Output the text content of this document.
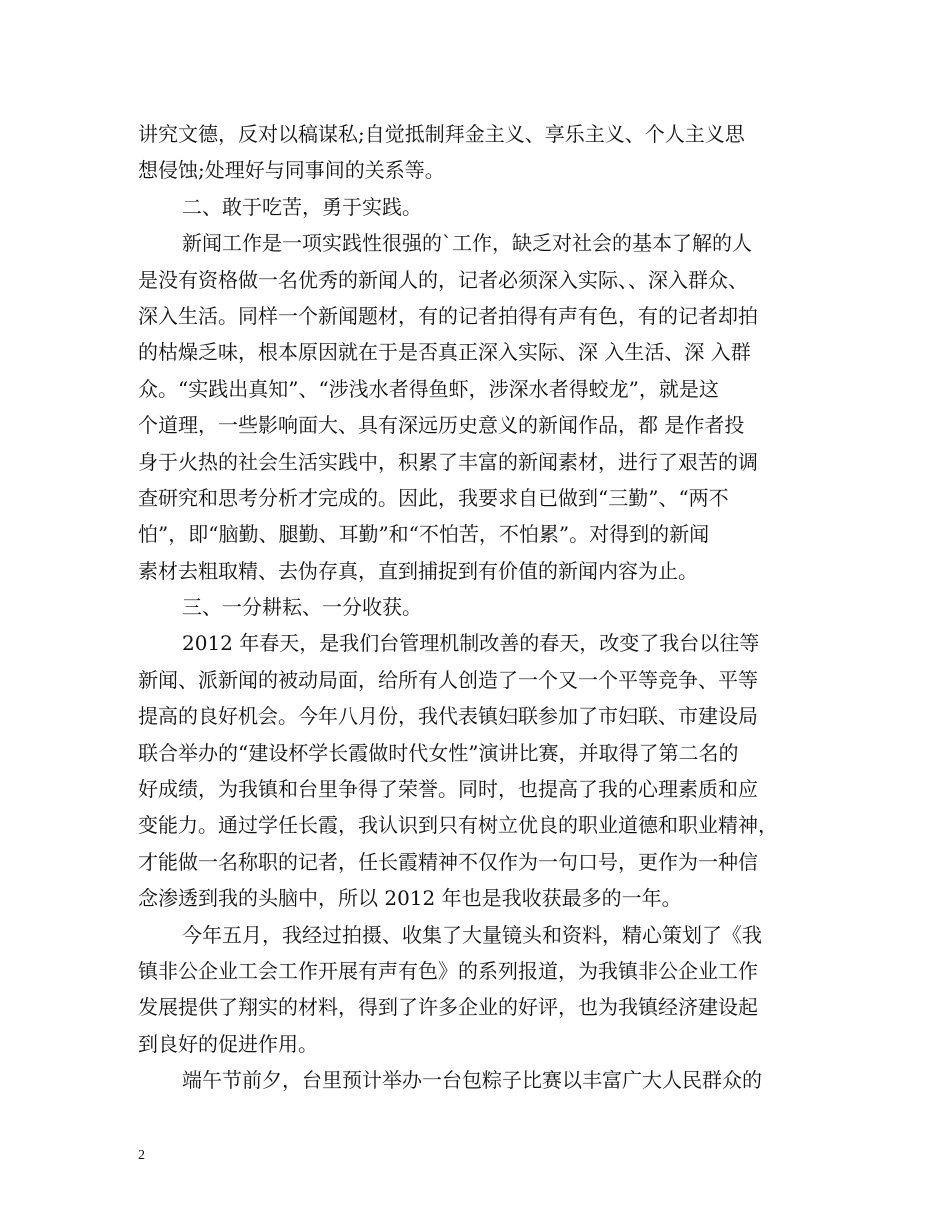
讲究文德，反对以稿谋私;自觉抵制拜金主义、享乐主义、个人主义思
想侵蚀;处理好与同事间的关系等。
二、敢于吃苦，勇于实践。
新闻工作是一项实践性很强的`工作，缺乏对社会的基本了解的人
是没有资格做一名优秀的新闻人的，记者必须深入实际、、深入群众、
深入生活。同样一个新闻题材，有的记者拍得有声有色，有的记者却拍
的枯燥乏味，根本原因就在于是否真正深入实际、深 入生活、深 入群
众。“实践出真知”、“涉浅水者得鱼虾，涉深水者得蛟龙”，就是这
个道理，一些影响面大、具有深远历史意义的新闻作品，都 是作者投
身于火热的社会生活实践中，积累了丰富的新闻素材，进行了艰苦的调
查研究和思考分析才完成的。因此，我要求自已做到“三勤”、“两不
怕”，即“脑勤、腿勤、耳勤”和“不怕苦，不怕累”。对得到的新闻
素材去粗取精、去伪存真，直到捕捉到有价值的新闻内容为止。
三、一分耕耘、一分收获。
2012 年春天，是我们台管理机制改善的春天，改变了我台以往等
新闻、派新闻的被动局面，给所有人创造了一个又一个平等竞争、平等
提高的良好机会。今年八月份，我代表镇妇联参加了市妇联、市建设局
联合举办的“建设杯学长霞做时代女性”演讲比赛，并取得了第二名的
好成绩，为我镇和台里争得了荣誉。同时，也提高了我的心理素质和应
变能力。通过学任长霞，我认识到只有树立优良的职业道德和职业精神，
才能做一名称职的记者，任长霞精神不仅作为一句口号，更作为一种信
念渗透到我的头脑中，所以 2012 年也是我收获最多的一年。
今年五月，我经过拍摄、收集了大量镜头和资料，精心策划了《我
镇非公企业工会工作开展有声有色》的系列报道，为我镇非公企业工作
发展提供了翔实的材料，得到了许多企业的好评，也为我镇经济建设起
到良好的促进作用。
端午节前夕，台里预计举办一台包粽子比赛以丰富广大人民群众的
2
